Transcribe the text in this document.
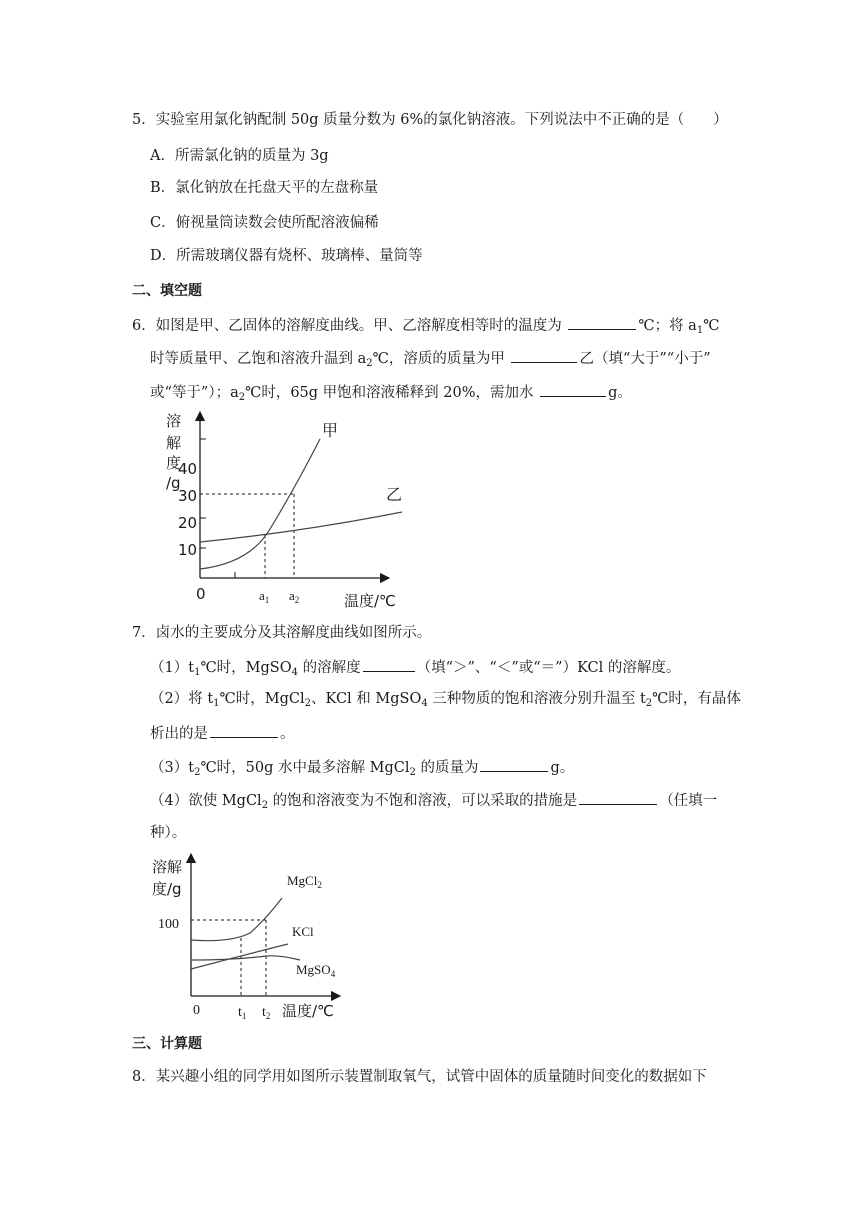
5．实验室用氯化钠配制 50g 质量分数为 6%的氯化钠溶液。下列说法中不正确的是（　　）
A．所需氯化钠的质量为 3g
B．氯化钠放在托盘天平的左盘称量
C．俯视量筒读数会使所配溶液偏稀
D．所需玻璃仪器有烧杯、玻璃棒、量筒等
二、填空题
6．如图是甲、乙固体的溶解度曲线。甲、乙溶解度相等时的温度为	℃；将 $a_1℃$
时等质量甲、乙饱和溶液升温到 $a_2℃$，溶质的质量为甲	乙（填“大于”“小于”
或“等于”）；$a_2℃$时，65g 甲饱和溶液稀释到 20%，需加水	g。
溶
解
度
/g
40
30
20
10
0	$a_1$ $a_2$	温度/℃
甲
乙
7．卤水的主要成分及其溶解度曲线如图所示。
$(1)t_1℃$时，MgSO$_4$ 的溶解度	（填“＞”、“＜”或“＝”）KCl 的溶解度。
（2）将 $t_1℃$时，MgCl$_2$、KCl 和 MgSO$_4$ 三种物质的饱和溶液分别升温至 $t_2℃$时，有晶体
析出的是	。
$(3)t_2℃$时，50g 水中最多溶解 MgCl$_2$ 的质量为	g。
（4）欲使 MgCl$_2$ 的饱和溶液变为不饱和溶液，可以采取的措施是	（任填一
种）。
溶解
度/g
100
0	$t_1$ $t_2$ 温度/℃
MgCl$_2$
KCl
MgSO$_4$
三、计算题
8．某兴趣小组的同学用如图所示装置制取氧气，试管中固体的质量随时间变化的数据如下
